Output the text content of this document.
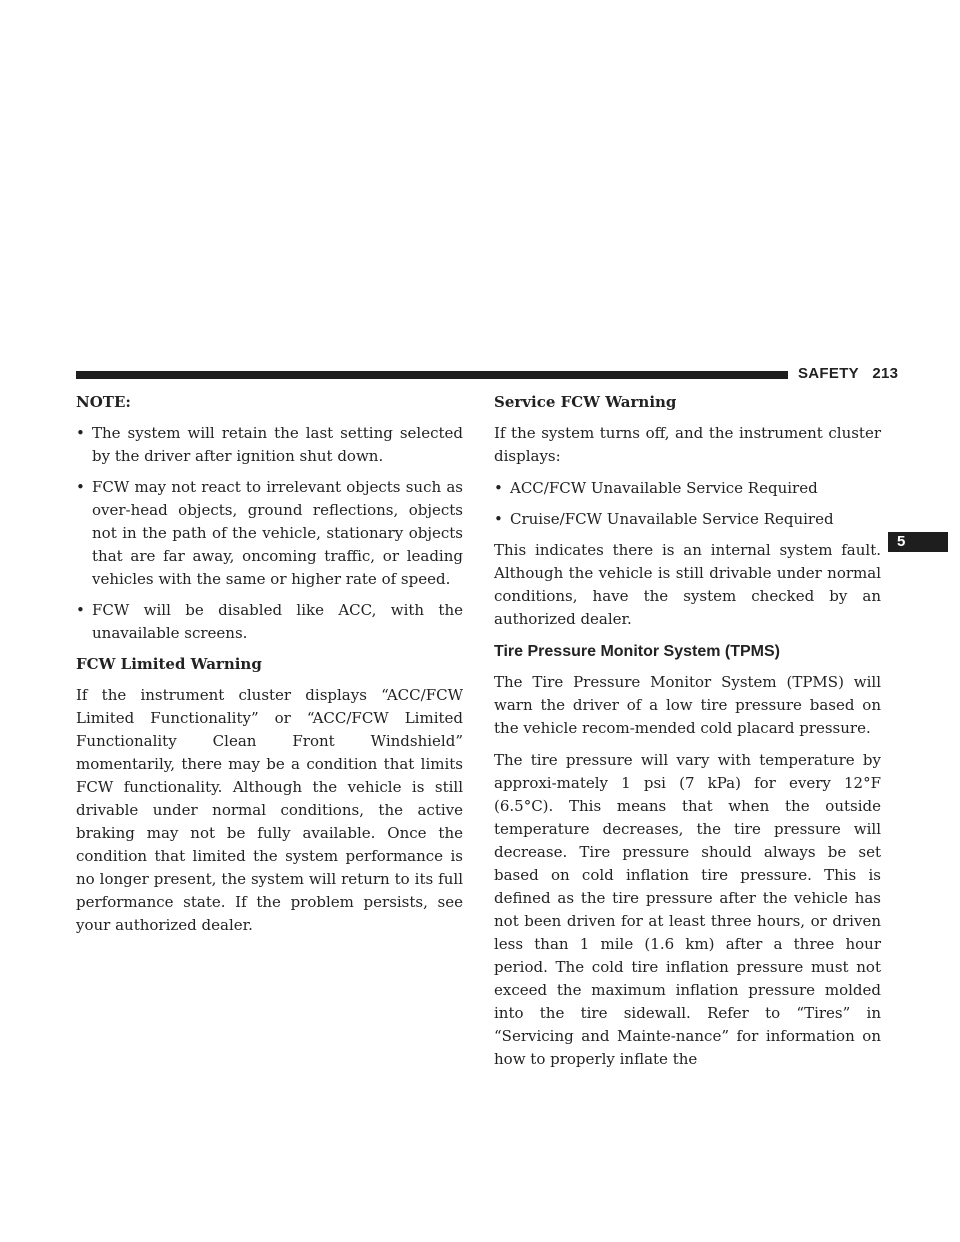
SAFETY 213
5

NOTE:

• The system will retain the last setting selected by the driver after ignition shut down.
• FCW may not react to irrelevant objects such as over-head objects, ground reflections, objects not in the path of the vehicle, stationary objects that are far away, oncoming traffic, or leading vehicles with the same or higher rate of speed.
• FCW will be disabled like ACC, with the unavailable screens.

FCW Limited Warning

If the instrument cluster displays “ACC/FCW Limited Functionality” or “ACC/FCW Limited Functionality Clean Front Windshield” momentarily, there may be a condition that limits FCW functionality. Although the vehicle is still drivable under normal conditions, the active braking may not be fully available. Once the condition that limited the system performance is no longer present, the system will return to its full performance state. If the problem persists, see your authorized dealer.

Service FCW Warning

If the system turns off, and the instrument cluster displays:

• ACC/FCW Unavailable Service Required
• Cruise/FCW Unavailable Service Required

This indicates there is an internal system fault. Although the vehicle is still drivable under normal conditions, have the system checked by an authorized dealer.

Tire Pressure Monitor System (TPMS)

The Tire Pressure Monitor System (TPMS) will warn the driver of a low tire pressure based on the vehicle recom-mended cold placard pressure.

The tire pressure will vary with temperature by approxi-mately 1 psi (7 kPa) for every 12°F (6.5°C). This means that when the outside temperature decreases, the tire pressure will decrease. Tire pressure should always be set based on cold inflation tire pressure. This is defined as the tire pressure after the vehicle has not been driven for at least three hours, or driven less than 1 mile (1.6 km) after a three hour period. The cold tire inflation pressure must not exceed the maximum inflation pressure molded into the tire sidewall. Refer to “Tires” in “Servicing and Mainte-nance” for information on how to properly inflate the
